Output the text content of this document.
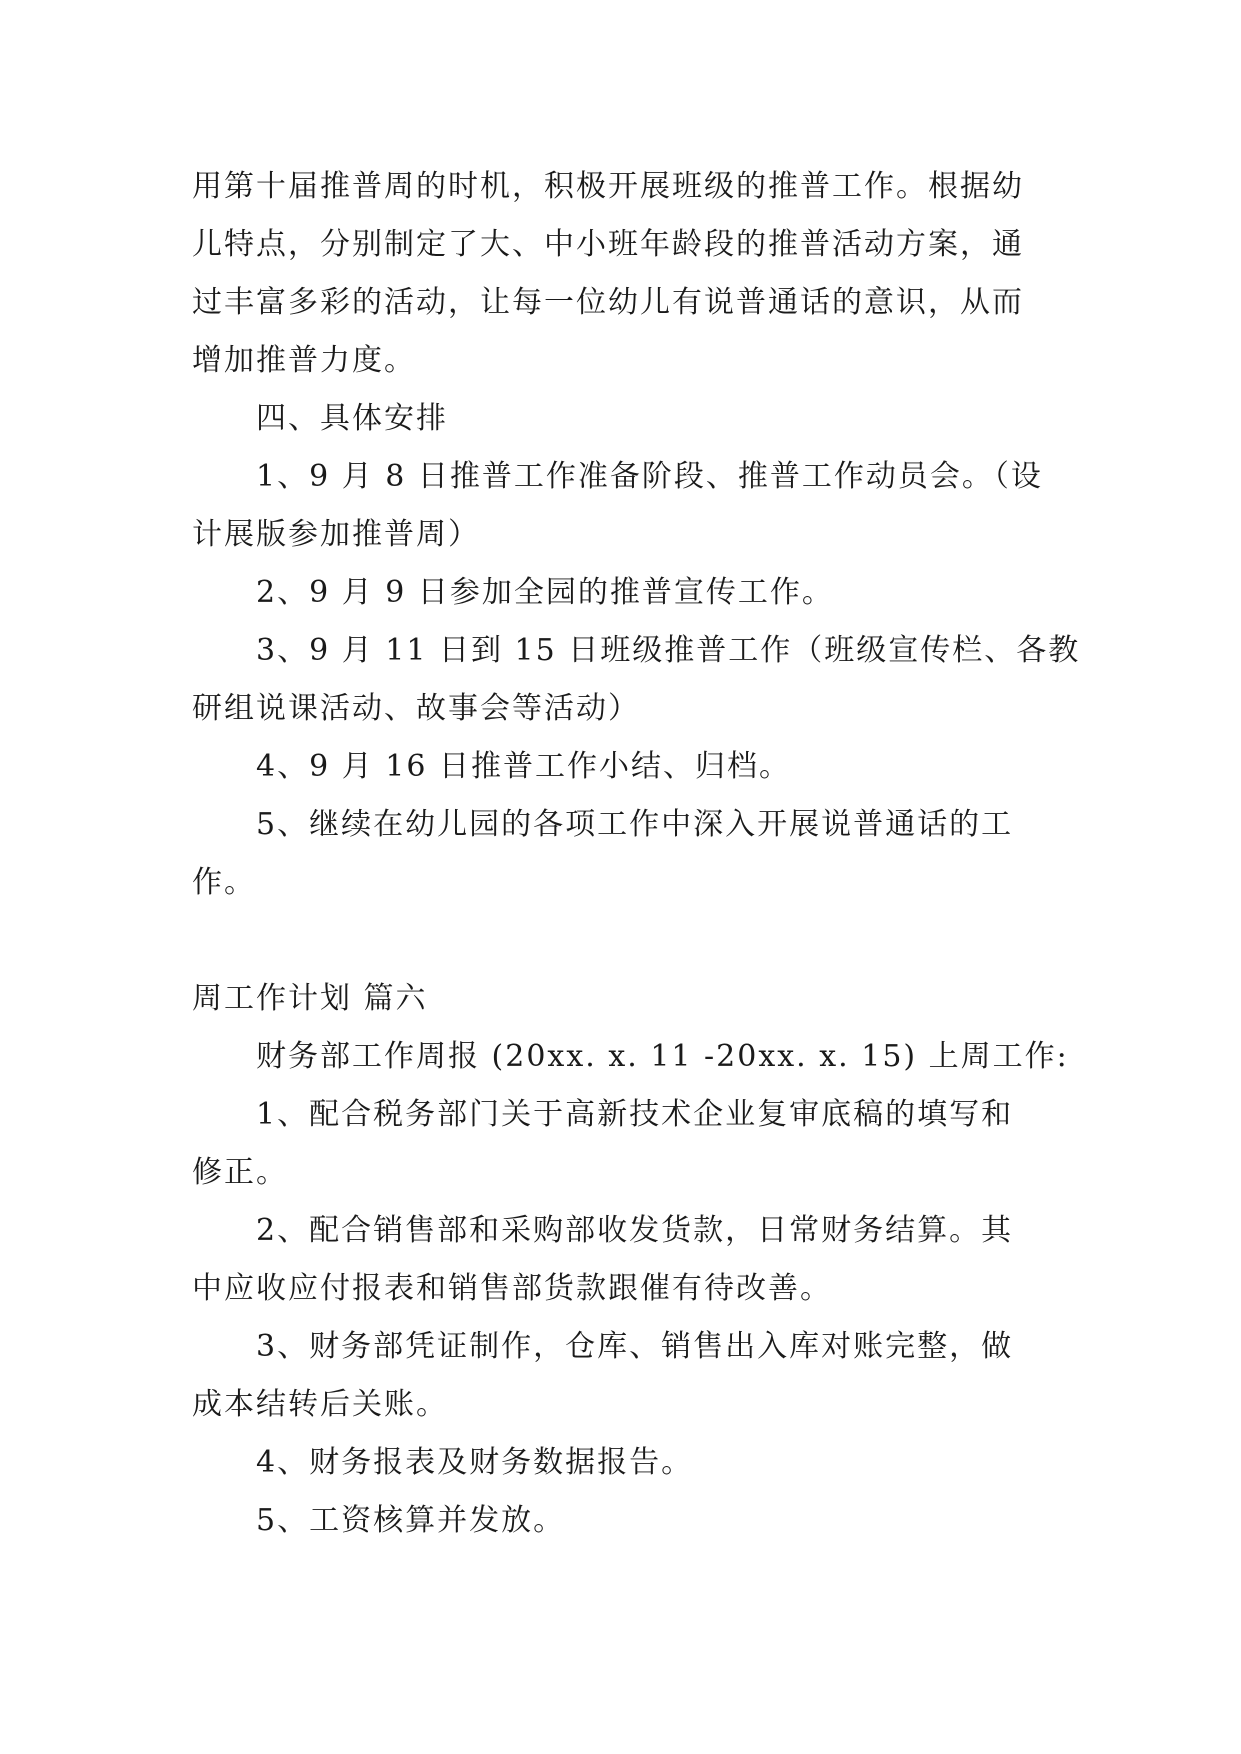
用第十届推普周的时机，积极开展班级的推普工作。根据幼

儿特点，分别制定了大、中小班年龄段的推普活动方案，通

过丰富多彩的活动，让每一位幼儿有说普通话的意识，从而

增加推普力度。

四、具体安排

1、9 月 8 日推普工作准备阶段、推普工作动员会。（设

计展版参加推普周）

2、9 月 9 日参加全园的推普宣传工作。

3、9 月 11 日到 15 日班级推普工作（班级宣传栏、各教

研组说课活动、故事会等活动）

4、9 月 16 日推普工作小结、归档。

5、继续在幼儿园的各项工作中深入开展说普通话的工

作。

周工作计划 篇六

财务部工作周报 (20xx. x. 11 -20xx. x. 15) 上周工作:

1、配合税务部门关于高新技术企业复审底稿的填写和

修正。

2、配合销售部和采购部收发货款，日常财务结算。其

中应收应付报表和销售部货款跟催有待改善。

3、财务部凭证制作，仓库、销售出入库对账完整，做

成本结转后关账。

4、财务报表及财务数据报告。

5、工资核算并发放。
